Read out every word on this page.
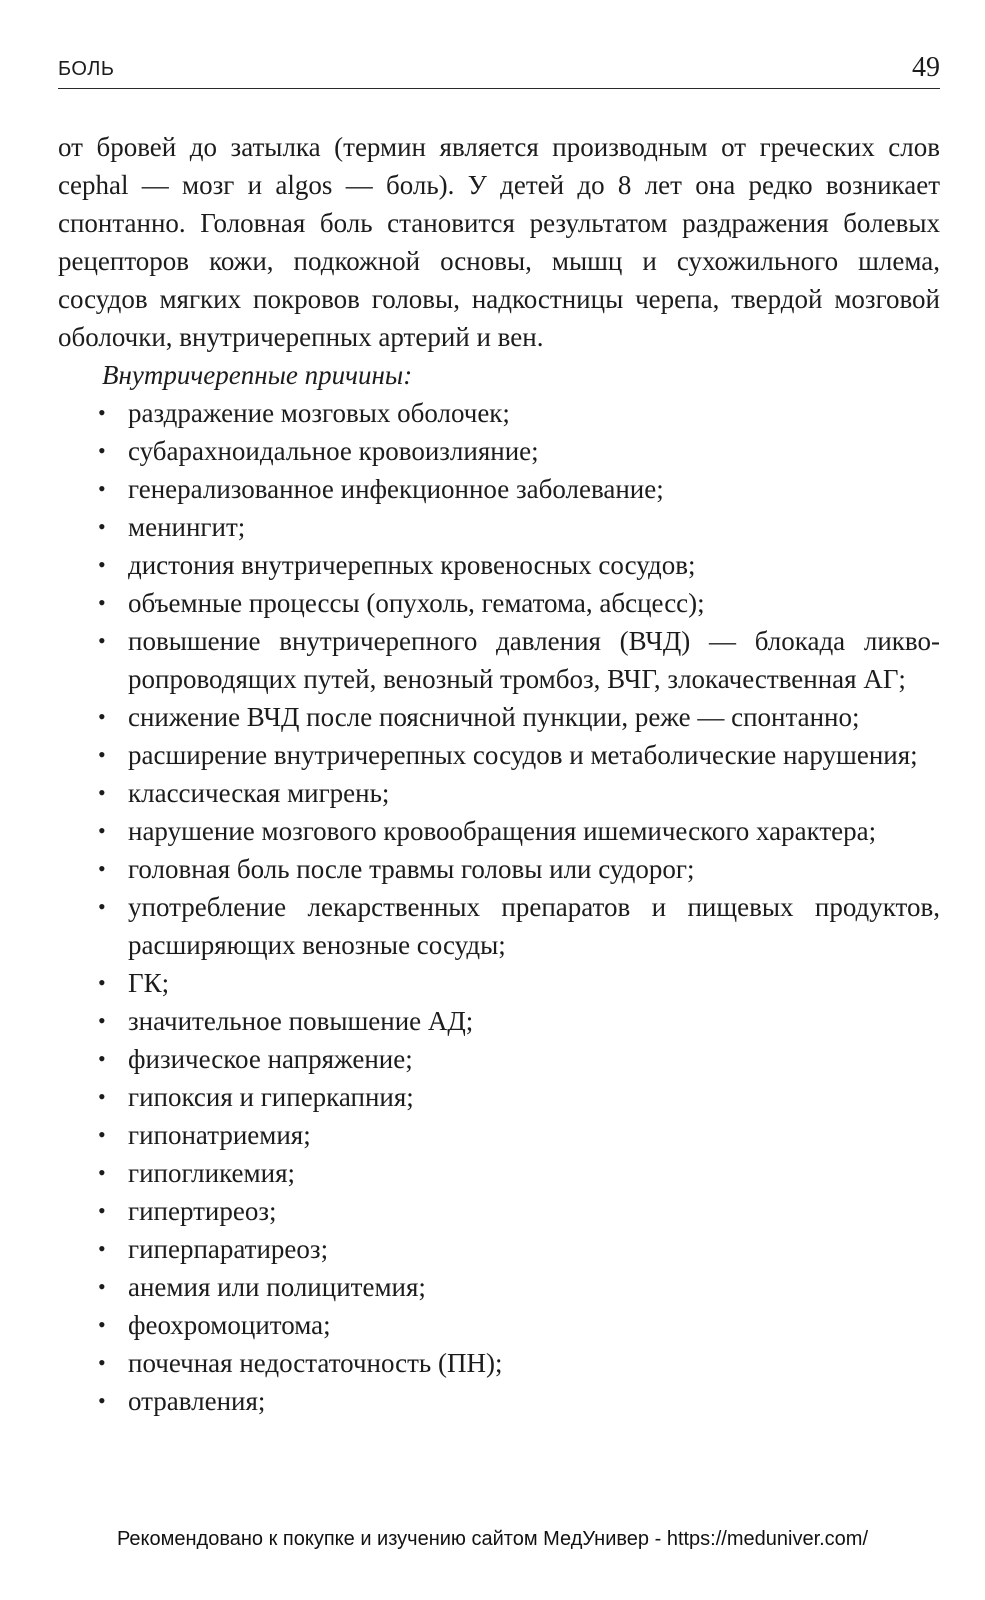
БОЛЬ	49

от бровей до затылка (термин является производным от греческих слов cephal — мозг и algos — боль). У детей до 8 лет она редко возникает спонтанно. Головная боль становится результатом раздражения болевых рецепторов кожи, подкожной основы, мышц и сухожильного шлема, сосудов мягких покровов головы, надкостницы черепа, твердой мозговой оболочки, внутричерепных артерий и вен.

Внутричерепные причины:

• раздражение мозговых оболочек;
• субарахноидальное кровоизлияние;
• генерализованное инфекционное заболевание;
• менингит;
• дистония внутричерепных кровеносных сосудов;
• объемные процессы (опухоль, гематома, абсцесс);
• повышение внутричерепного давления (ВЧД) — блокада ликворопроводящих путей, венозный тромбоз, ВЧГ, злокачественная АГ;
• снижение ВЧД после поясничной пункции, реже — спонтанно;
• расширение внутричерепных сосудов и метаболические нарушения;
• классическая мигрень;
• нарушение мозгового кровообращения ишемического характера;
• головная боль после травмы головы или судорог;
• употребление лекарственных препаратов и пищевых продуктов, расширяющих венозные сосуды;
• ГК;
• значительное повышение АД;
• физическое напряжение;
• гипоксия и гиперкапния;
• гипонатриемия;
• гипогликемия;
• гипертиреоз;
• гиперпаратиреоз;
• анемия или полицитемия;
• феохромоцитома;
• почечная недостаточность (ПН);
• отравления;
Рекомендовано к покупке и изучению сайтом МедУнивер - https://meduniver.com/
